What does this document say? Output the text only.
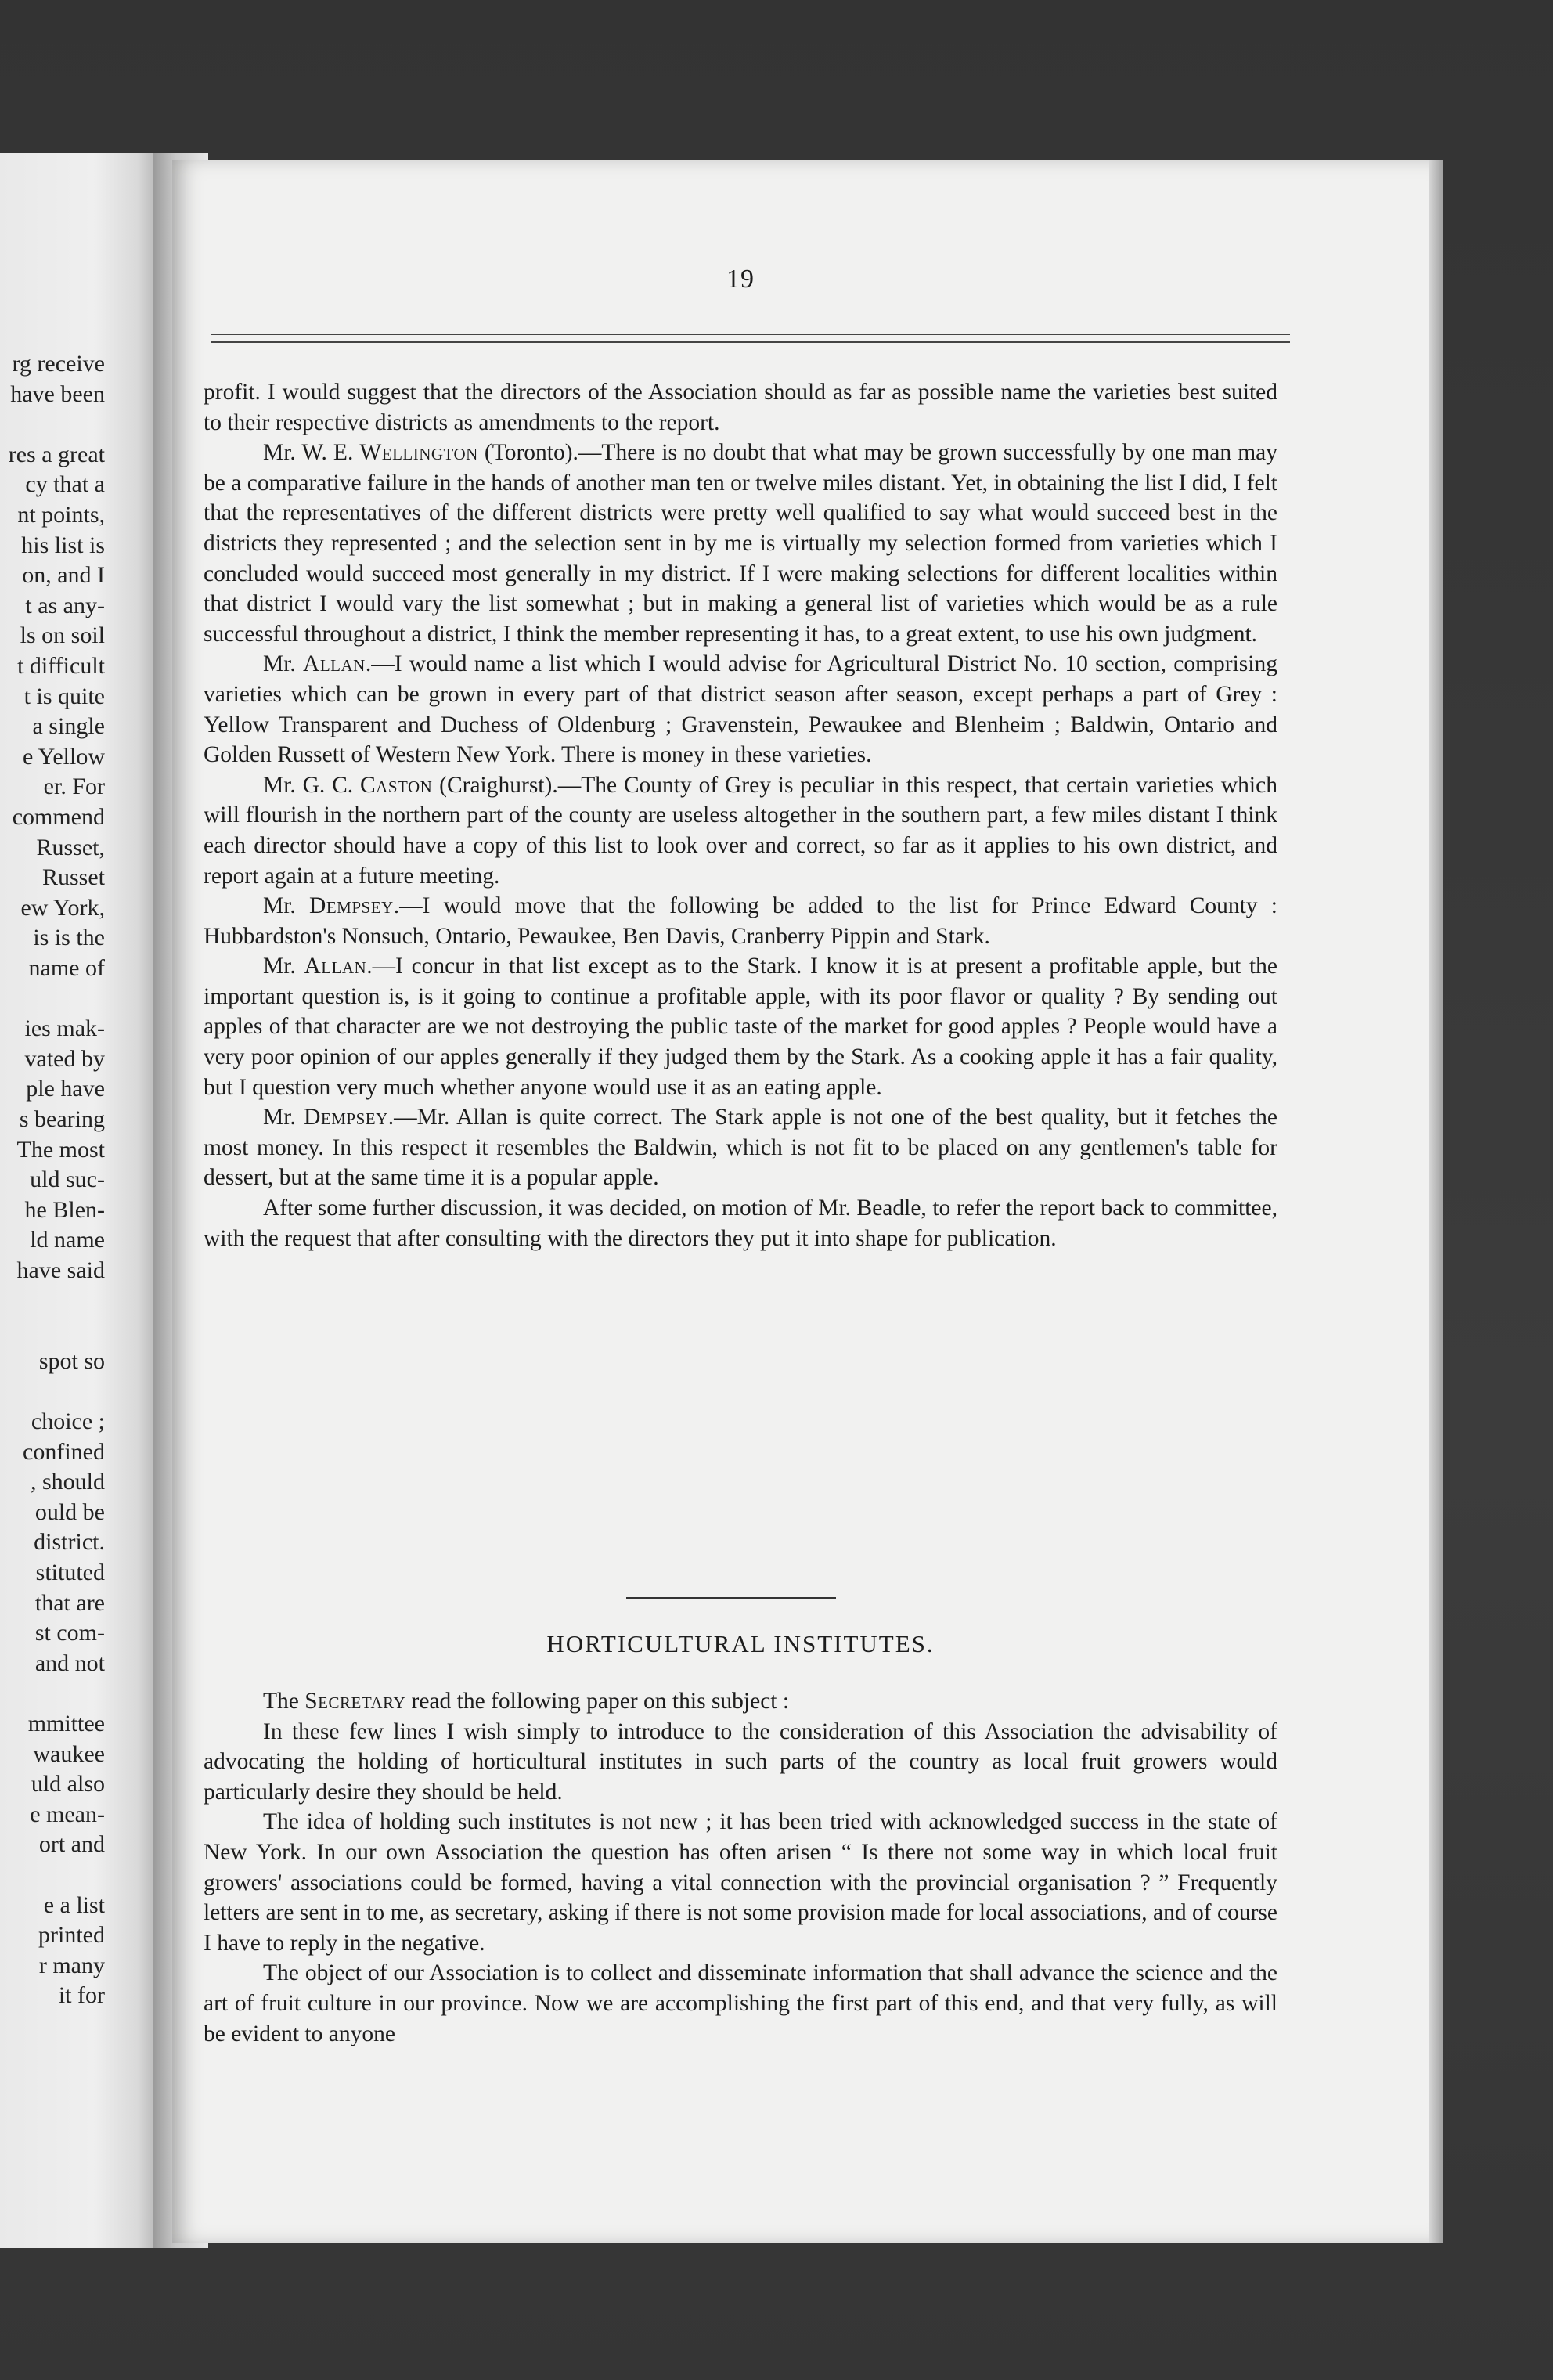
rg receive
have been
res a great
cy that a
nt points,
his list is
on, and I
t as any-
ls on soil
t difficult
t is quite
a single
e Yellow
er. For
commend
Russet,
Russet
ew York,
is is the
name of
ies mak-
vated by
ple have
s bearing
The most
uld suc-
he Blen-
ld name
have said
spot so
choice ;
confined
, should
ould be
district.
stituted
that are
st com-
and not
mmittee
waukee
uld also
e mean-
ort and
e a list
printed
r many
it for
19

profit. I would suggest that the directors of the Association should as far as possible name the varieties best suited to their respective districts as amendments to the report.

Mr. W. E. Wellington (Toronto).—There is no doubt that what may be grown successfully by one man may be a comparative failure in the hands of another man ten or twelve miles distant. Yet, in obtaining the list I did, I felt that the representatives of the different districts were pretty well qualified to say what would succeed best in the districts they represented ; and the selection sent in by me is virtually my selection formed from varieties which I concluded would succeed most generally in my district. If I were making selections for different localities within that district I would vary the list somewhat ; but in making a general list of varieties which would be as a rule successful throughout a district, I think the member representing it has, to a great extent, to use his own judgment.

Mr. Allan.—I would name a list which I would advise for Agricultural District No. 10 section, comprising varieties which can be grown in every part of that district season after season, except perhaps a part of Grey : Yellow Transparent and Duchess of Oldenburg ; Gravenstein, Pewaukee and Blenheim ; Baldwin, Ontario and Golden Russett of Western New York. There is money in these varieties.

Mr. G. C. Caston (Craighurst).—The County of Grey is peculiar in this respect, that certain varieties which will flourish in the northern part of the county are useless altogether in the southern part, a few miles distant I think each director should have a copy of this list to look over and correct, so far as it applies to his own district, and report again at a future meeting.

Mr. Dempsey.—I would move that the following be added to the list for Prince Edward County : Hubbardston's Nonsuch, Ontario, Pewaukee, Ben Davis, Cranberry Pippin and Stark.

Mr. Allan.—I concur in that list except as to the Stark. I know it is at present a profitable apple, but the important question is, is it going to continue a profitable apple, with its poor flavor or quality ? By sending out apples of that character are we not destroying the public taste of the market for good apples ? People would have a very poor opinion of our apples generally if they judged them by the Stark. As a cooking apple it has a fair quality, but I question very much whether anyone would use it as an eating apple.

Mr. Dempsey.—Mr. Allan is quite correct. The Stark apple is not one of the best quality, but it fetches the most money. In this respect it resembles the Baldwin, which is not fit to be placed on any gentlemen's table for dessert, but at the same time it is a popular apple.

After some further discussion, it was decided, on motion of Mr. Beadle, to refer the report back to committee, with the request that after consulting with the directors they put it into shape for publication.

HORTICULTURAL INSTITUTES.

The Secretary read the following paper on this subject :

In these few lines I wish simply to introduce to the consideration of this Association the advisability of advocating the holding of horticultural institutes in such parts of the country as local fruit growers would particularly desire they should be held.

The idea of holding such institutes is not new ; it has been tried with acknowledged success in the state of New York. In our own Association the question has often arisen “ Is there not some way in which local fruit growers' associations could be formed, having a vital connection with the provincial organisation ? ” Frequently letters are sent in to me, as secretary, asking if there is not some provision made for local associations, and of course I have to reply in the negative.

The object of our Association is to collect and disseminate information that shall advance the science and the art of fruit culture in our province. Now we are accomplishing the first part of this end, and that very fully, as will be evident to anyone
